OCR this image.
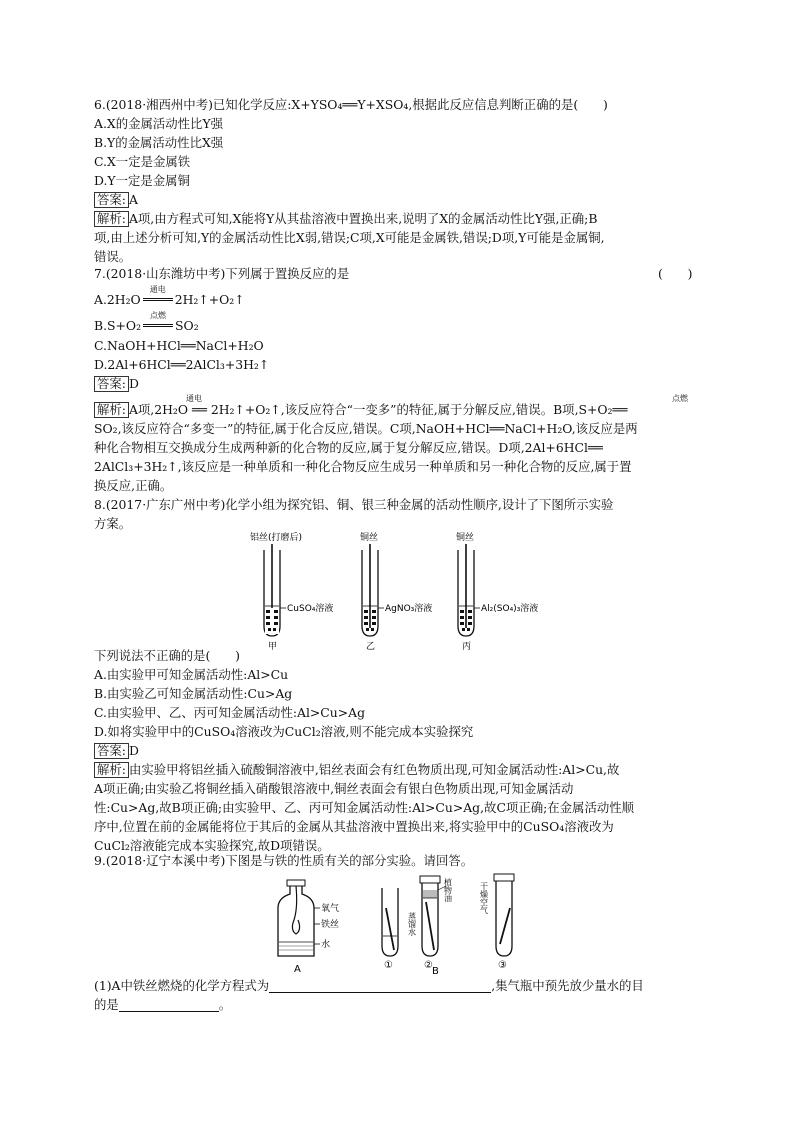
6.(2018·湘西州中考)已知化学反应:X+YSO₄══Y+XSO₄,根据此反应信息判断正确的是(　　)
A.X的金属活动性比Y强
B.Y的金属活动性比X强
C.X一定是金属铁
D.Y一定是金属铜
答案: A
解析: A项,由方程式可知,X能将Y从其盐溶液中置换出来,说明了X的金属活动性比Y强,正确;B
项,由上述分析可知,Y的金属活动性比X弱,错误;C项,X可能是金属铁,错误;D项,Y可能是金属铜,
错误。
7.(2018·山东潍坊中考)下列属于置换反应的是	(　　)
A.2H₂O
通电
2H₂↑+O₂↑
B.S+O₂
点燃
SO₂
C.NaOH+HCl══NaCl+H₂O
D.2Al+6HCl══2AlCl₃+3H₂↑
答案: D
解析: A项,2H₂O ══ 2H₂↑+O₂↑,该反应符合“一变多”的特征,属于分解反应,错误。B项,S+O₂══
通电	点燃
SO₂,该反应符合“多变一”的特征,属于化合反应,错误。C项,NaOH+HCl══NaCl+H₂O,该反应是两
种化合物相互交换成分生成两种新的化合物的反应,属于复分解反应,错误。D项,2Al+6HCl══
2AlCl₃+3H₂↑,该反应是一种单质和一种化合物反应生成另一种单质和另一种化合物的反应,属于置
换反应,正确。
8.(2017·广东广州中考)化学小组为探究铝、铜、银三种金属的活动性顺序,设计了下图所示实验
方案。
铝丝(打磨后)
CuSO₄溶液
甲
铜丝
AgNO₃溶液
乙
铜丝
Al₂(SO₄)₃溶液
丙
下列说法不正确的是(　　)
A.由实验甲可知金属活动性:Al>Cu
B.由实验乙可知金属活动性:Cu>Ag
C.由实验甲、乙、丙可知金属活动性:Al>Cu>Ag
D.如将实验甲中的CuSO₄溶液改为CuCl₂溶液,则不能完成本实验探究
答案: D
解析: 由实验甲将铝丝插入硫酸铜溶液中,铝丝表面会有红色物质出现,可知金属活动性:Al>Cu,故
A项正确;由实验乙将铜丝插入硝酸银溶液中,铜丝表面会有银白色物质出现,可知金属活动
性:Cu>Ag,故B项正确;由实验甲、乙、丙可知金属活动性:Al>Cu>Ag,故C项正确;在金属活动性顺
序中,位置在前的金属能将位于其后的金属从其盐溶液中置换出来,将实验甲中的CuSO₄溶液改为
CuCl₂溶液能完成本实验探究,故D项错误。
9.(2018·辽宁本溪中考)下图是与铁的性质有关的部分实验。请回答。
氧气
铁丝
水
A	①	②
植物油
蒸馏水
干燥空气
③
B
(1)A中铁丝燃烧的化学方程式为	,集气瓶中预先放少量水的目
的是	。
